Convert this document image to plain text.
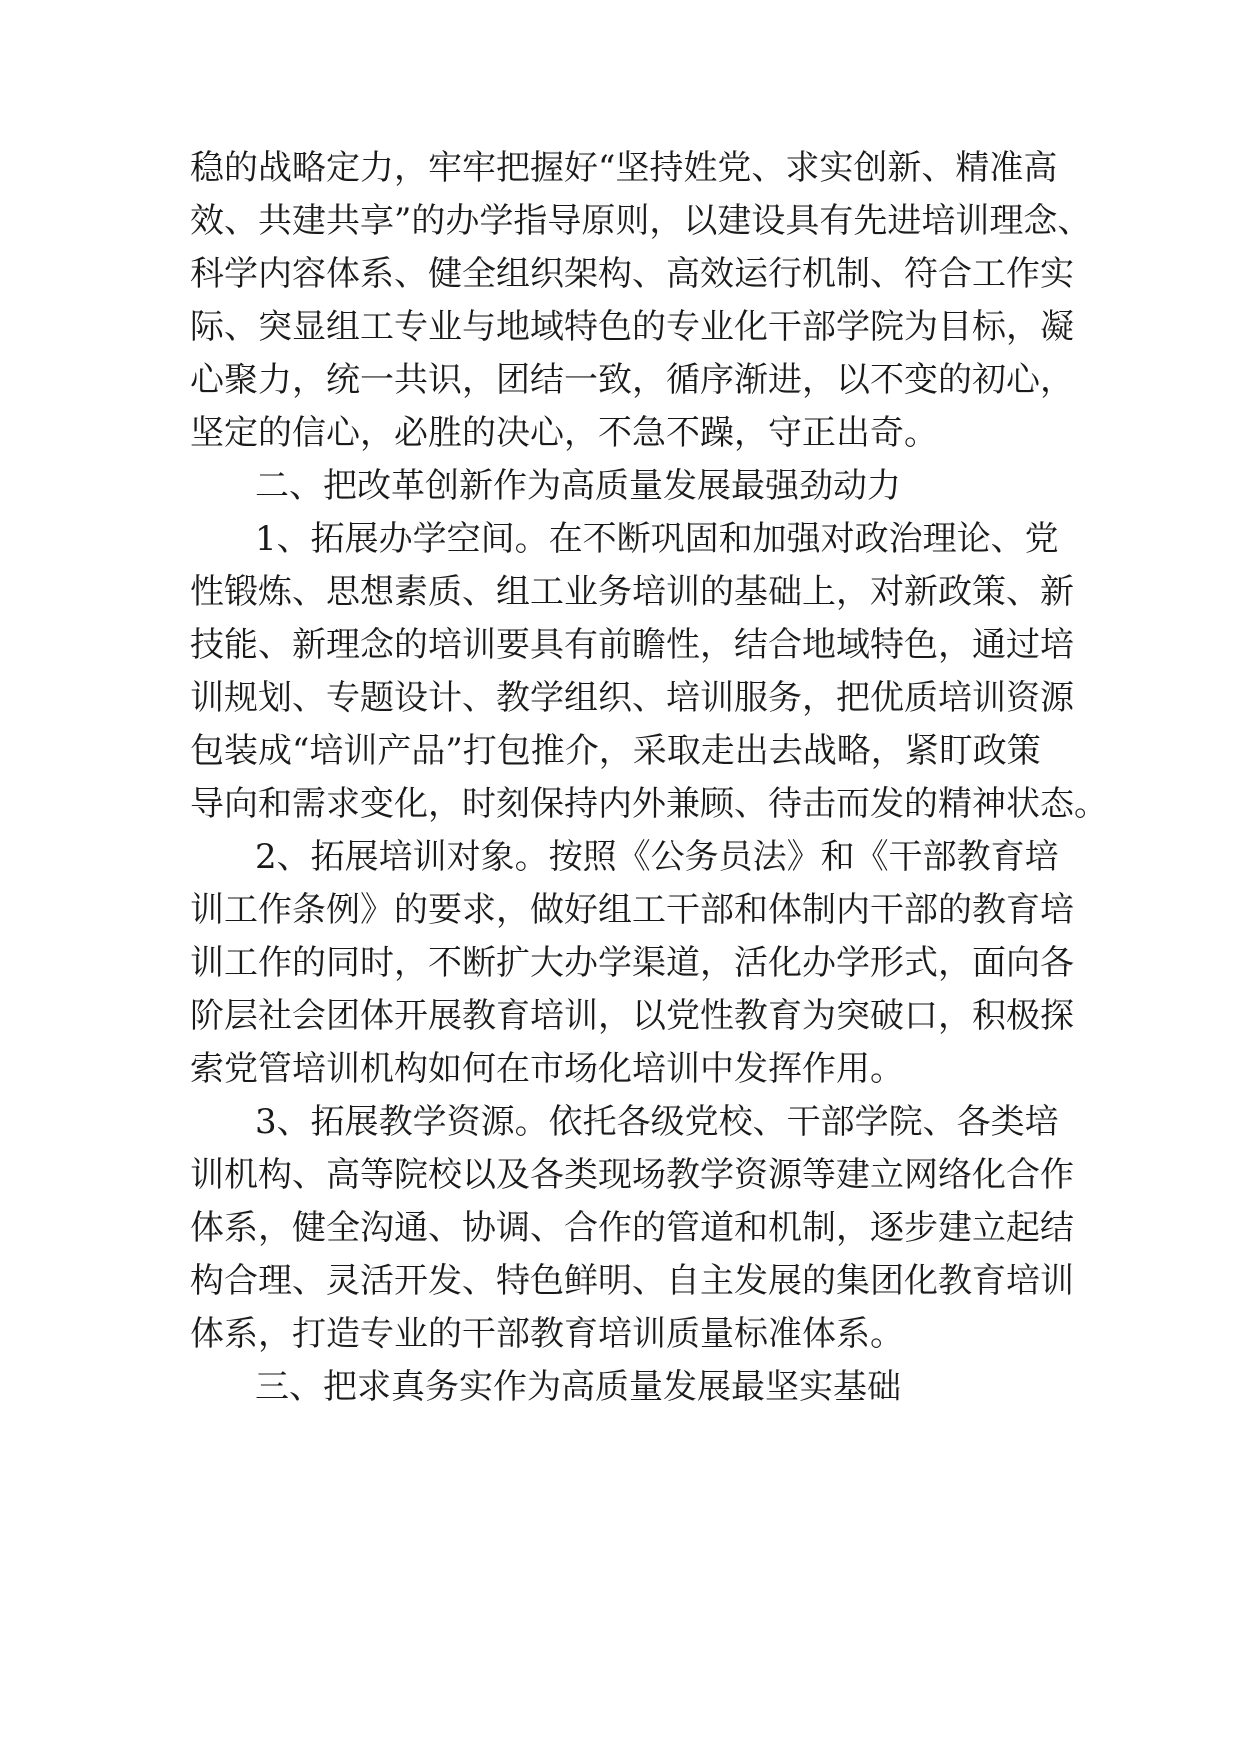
稳的战略定力，牢牢把握好“坚持姓党、求实创新、精准高
效、共建共享”的办学指导原则，以建设具有先进培训理念、
科学内容体系、健全组织架构、高效运行机制、符合工作实
际、突显组工专业与地域特色的专业化干部学院为目标，凝
心聚力，统一共识，团结一致，循序渐进，以不变的初心，
坚定的信心，必胜的决心，不急不躁，守正出奇。
二、把改革创新作为高质量发展最强劲动力
1、拓展办学空间。在不断巩固和加强对政治理论、党
性锻炼、思想素质、组工业务培训的基础上，对新政策、新
技能、新理念的培训要具有前瞻性，结合地域特色，通过培
训规划、专题设计、教学组织、培训服务，把优质培训资源
包装成“培训产品”打包推介，采取走出去战略，紧盯政策
导向和需求变化，时刻保持内外兼顾、待击而发的精神状态。
2、拓展培训对象。按照《公务员法》和《干部教育培
训工作条例》的要求，做好组工干部和体制内干部的教育培
训工作的同时，不断扩大办学渠道，活化办学形式，面向各
阶层社会团体开展教育培训，以党性教育为突破口，积极探
索党管培训机构如何在市场化培训中发挥作用。
3、拓展教学资源。依托各级党校、干部学院、各类培
训机构、高等院校以及各类现场教学资源等建立网络化合作
体系，健全沟通、协调、合作的管道和机制，逐步建立起结
构合理、灵活开发、特色鲜明、自主发展的集团化教育培训
体系，打造专业的干部教育培训质量标准体系。
三、把求真务实作为高质量发展最坚实基础
